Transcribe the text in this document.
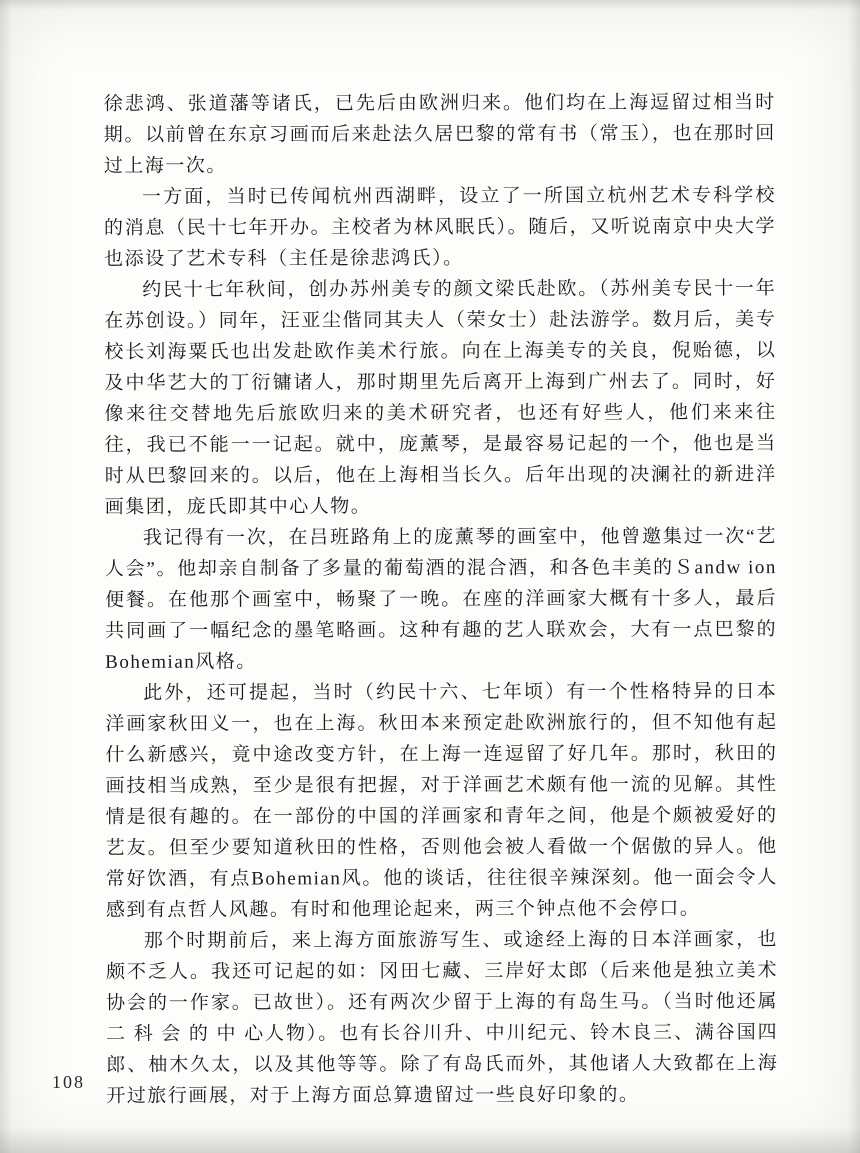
徐悲鸿、张道藩等诸氏，已先后由欧洲归来。他们均在上海逗留过相当时期。以前曾在东京习画而后来赴法久居巴黎的常有书（常玉），也在那时回过上海一次。

一方面，当时已传闻杭州西湖畔，设立了一所国立杭州艺术专科学校的消息（民十七年开办。主校者为林风眠氏）。随后，又听说南京中央大学也添设了艺术专科（主任是徐悲鸿氏）。

约民十七年秋间，创办苏州美专的颜文梁氏赴欧。（苏州美专民十一年在苏创设。）同年，汪亚尘偕同其夫人（荣女士）赴法游学。数月后，美专校长刘海粟氏也出发赴欧作美术行旅。向在上海美专的关良，倪贻德，以及中华艺大的丁衍镛诸人，那时期里先后离开上海到广州去了。同时，好像来往交替地先后旅欧归来的美术研究者，也还有好些人，他们来来往往，我已不能一一记起。就中，庞薰琴，是最容易记起的一个，他也是当时从巴黎回来的。以后，他在上海相当长久。后年出现的决澜社的新进洋画集团，庞氏即其中心人物。

我记得有一次，在吕班路角上的庞薰琴的画室中，他曾邀集过一次“艺人会”。他却亲自制备了多量的葡萄酒的混合酒，和各色丰美的Ｓandw ion便餐。在他那个画室中，畅聚了一晚。在座的洋画家大概有十多人，最后共同画了一幅纪念的墨笔略画。这种有趣的艺人联欢会，大有一点巴黎的Bohemian风格。

此外，还可提起，当时（约民十六、七年顷）有一个性格特异的日本洋画家秋田义一，也在上海。秋田本来预定赴欧洲旅行的，但不知他有起什么新感兴，竟中途改变方针，在上海一连逗留了好几年。那时，秋田的画技相当成熟，至少是很有把握，对于洋画艺术颇有他一流的见解。其性情是很有趣的。在一部份的中国的洋画家和青年之间，他是个颇被爱好的艺友。但至少要知道秋田的性格，否则他会被人看做一个倨傲的异人。他常好饮酒，有点Bohemian风。他的谈话，往往很辛辣深刻。他一面会令人感到有点哲人风趣。有时和他理论起来，两三个钟点他不会停口。

那个时期前后，来上海方面旅游写生、或途经上海的日本洋画家，也颇不乏人。我还可记起的如：冈田七藏、三岸好太郎（后来他是独立美术协会的一作家。已故世）。还有两次少留于上海的有岛生马。（当时他还属二 科 会 的 中 心人物）。也有长谷川升、中川纪元、铃木良三、满谷国四郎、柚木久太，以及其他等等。除了有岛氏而外，其他诸人大致都在上海开过旅行画展，对于上海方面总算遗留过一些良好印象的。

108
